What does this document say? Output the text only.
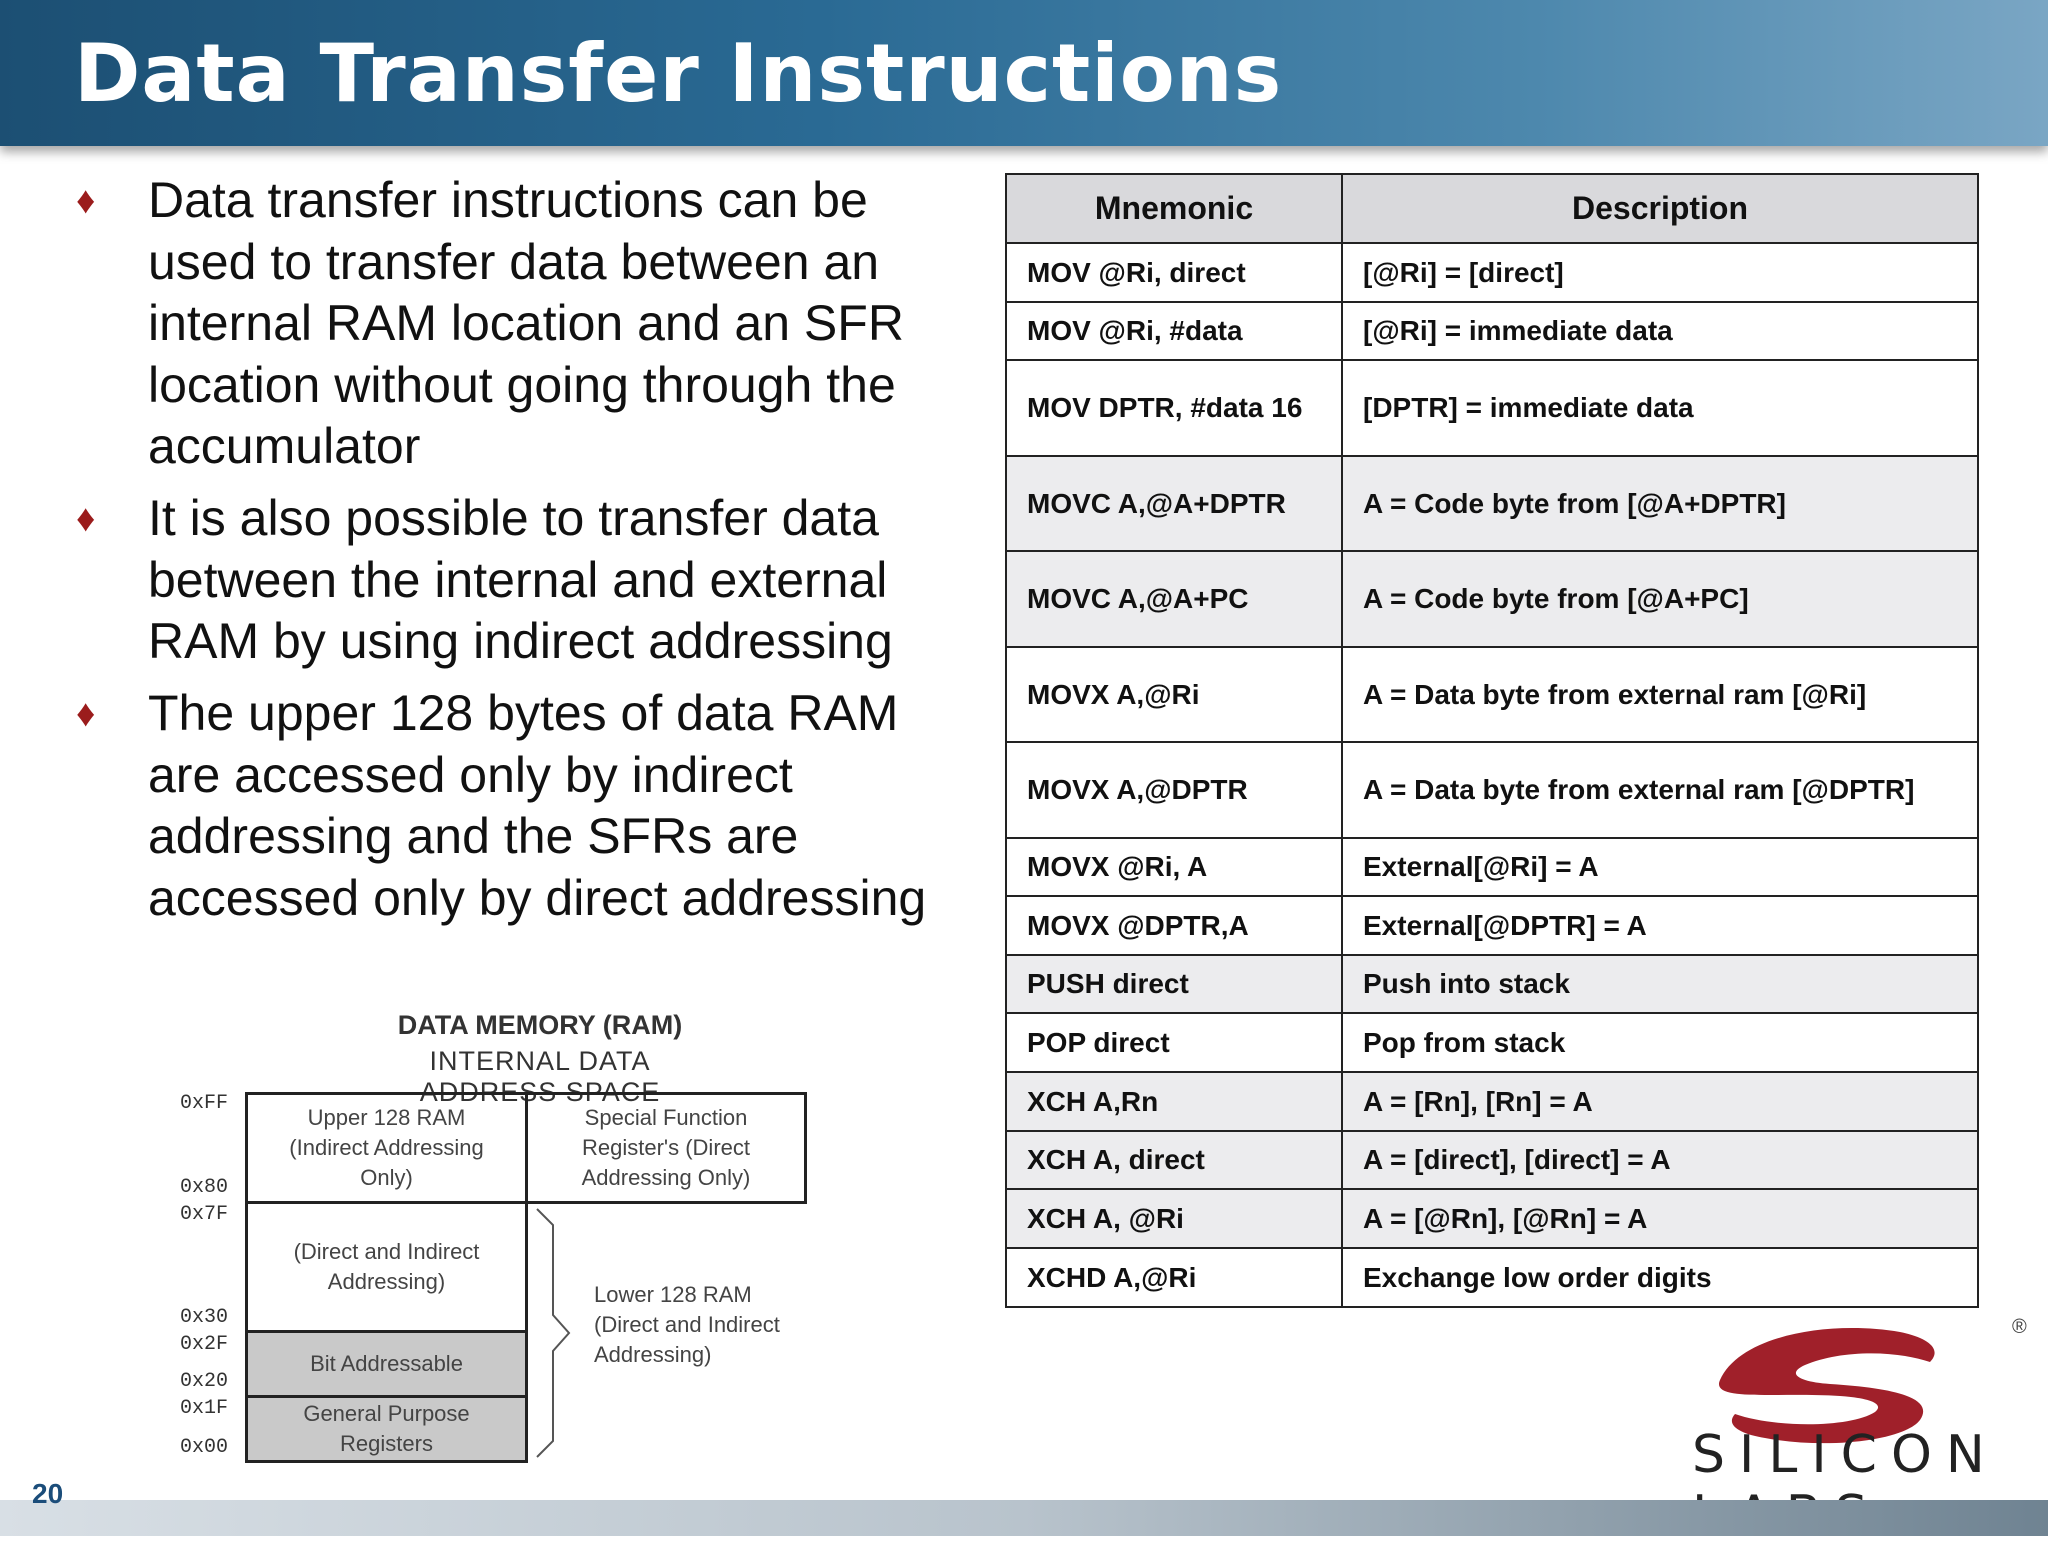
Data Transfer Instructions
♦ Data transfer instructions can be used to transfer data between an internal RAM location and an SFR location without going through the accumulator
♦ It is also possible to transfer data between the internal and external RAM by using indirect addressing
♦ The upper 128 bytes of data RAM are accessed only by indirect addressing and the SFRs are accessed only by direct addressing
Mnemonic	Description
MOV @Ri, direct	[@Ri] = [direct]
MOV @Ri, #data	[@Ri] = immediate data
MOV DPTR, #data 16	[DPTR] = immediate data
MOVC A,@A+DPTR	A = Code byte from [@A+DPTR]
MOVC A,@A+PC	A = Code byte from [@A+PC]
MOVX A,@Ri	A = Data byte from external ram [@Ri]
MOVX A,@DPTR	A = Data byte from external ram [@DPTR]
MOVX @Ri, A	External[@Ri] = A
MOVX @DPTR,A	External[@DPTR] = A
PUSH direct	Push into stack
POP direct	Pop from stack
XCH A,Rn	A = [Rn], [Rn] = A
XCH A, direct	A = [direct], [direct] = A
XCH A, @Ri	A = [@Rn], [@Rn] = A
XCHD A,@Ri	Exchange low order digits
DATA MEMORY (RAM)
INTERNAL DATA ADDRESS SPACE
0xFF
0x80
0x7F
0x30
0x2F
0x20
0x1F
0x00
Upper 128 RAM (Indirect Addressing Only)
Special Function Register's (Direct Addressing Only)
(Direct and Indirect Addressing)
Bit Addressable
General Purpose Registers
Lower 128 RAM (Direct and Indirect Addressing)
®
SILICON
20
